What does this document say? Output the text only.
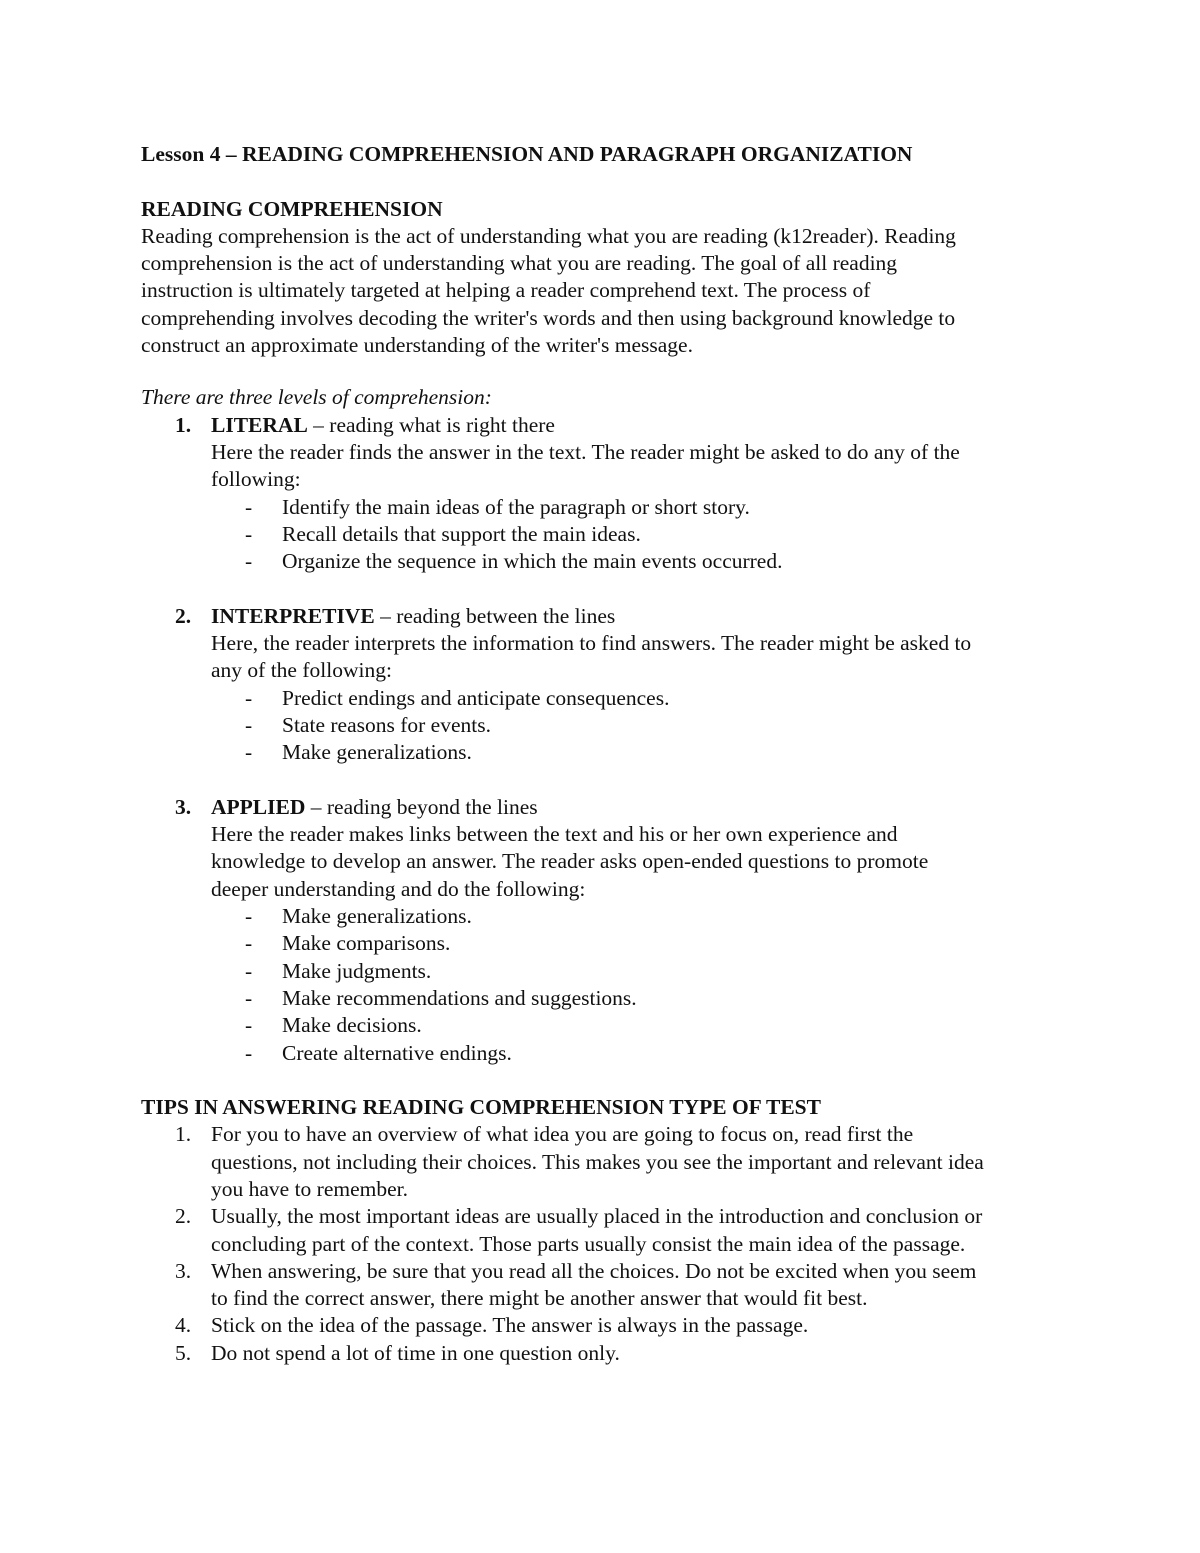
Lesson 4 – READING COMPREHENSION AND PARAGRAPH ORGANIZATION

READING COMPREHENSION

Reading comprehension is the act of understanding what you are reading (k12reader). Reading

comprehension is the act of understanding what you are reading. The goal of all reading

instruction is ultimately targeted at helping a reader comprehend text. The process of

comprehending involves decoding the writer's words and then using background knowledge to

construct an approximate understanding of the writer's message.

There are three levels of comprehension:

1. LITERAL – reading what is right there

Here the reader finds the answer in the text. The reader might be asked to do any of the

following:

- Identify the main ideas of the paragraph or short story.
- Recall details that support the main ideas.
- Organize the sequence in which the main events occurred.
2. INTERPRETIVE – reading between the lines

Here, the reader interprets the information to find answers. The reader might be asked to

any of the following:

- Predict endings and anticipate consequences.
- State reasons for events.
- Make generalizations.
3. APPLIED – reading beyond the lines

Here the reader makes links between the text and his or her own experience and

knowledge to develop an answer. The reader asks open-ended questions to promote

deeper understanding and do the following:

- Make generalizations.
- Make comparisons.
- Make judgments.
- Make recommendations and suggestions.
- Make decisions.
- Create alternative endings.

TIPS IN ANSWERING READING COMPREHENSION TYPE OF TEST

1. For you to have an overview of what idea you are going to focus on, read first the

questions, not including their choices. This makes you see the important and relevant idea

you have to remember.

2. Usually, the most important ideas are usually placed in the introduction and conclusion or

concluding part of the context. Those parts usually consist the main idea of the passage.

3. When answering, be sure that you read all the choices. Do not be excited when you seem

to find the correct answer, there might be another answer that would fit best.

4. Stick on the idea of the passage. The answer is always in the passage.

5. Do not spend a lot of time in one question only.
